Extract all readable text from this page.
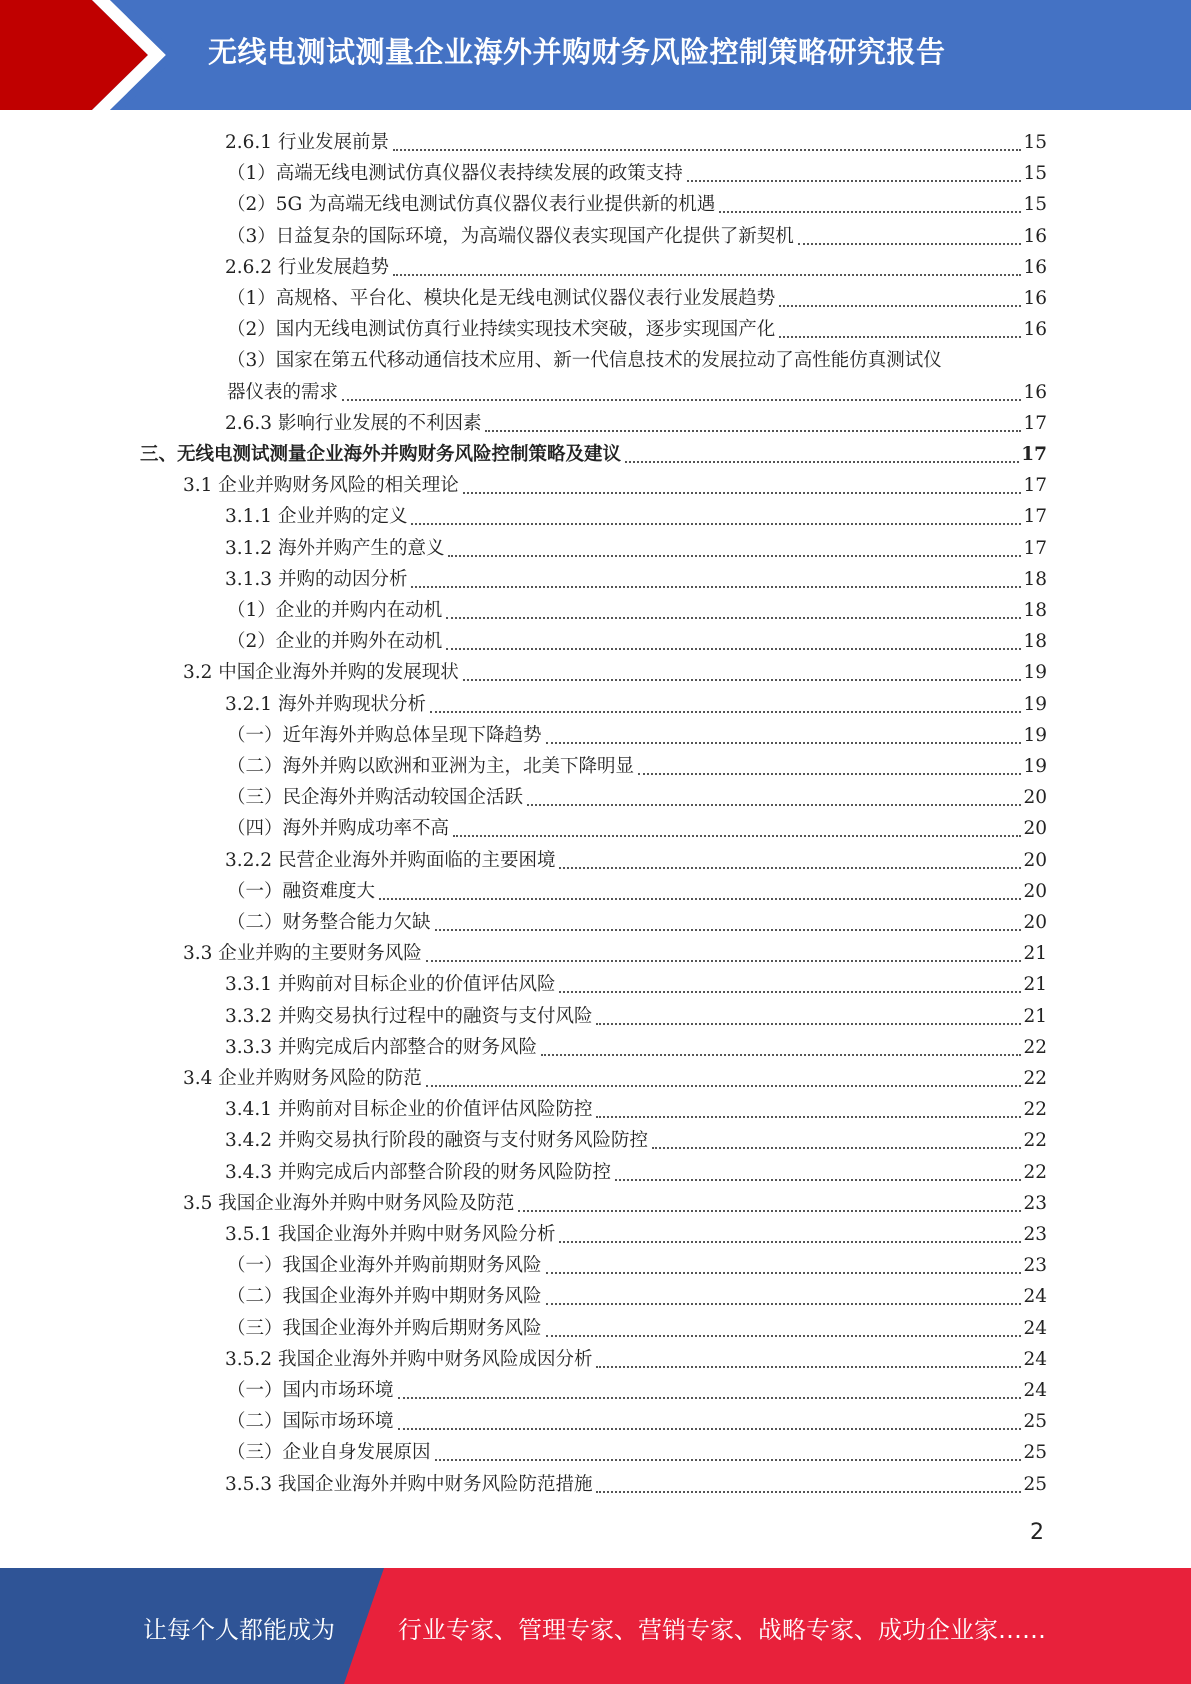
无线电测试测量企业海外并购财务风险控制策略研究报告
2.6.1 行业发展前景	15
（1）高端无线电测试仿真仪器仪表持续发展的政策支持	15
（2）5G 为高端无线电测试仿真仪器仪表行业提供新的机遇	15
（3）日益复杂的国际环境，为高端仪器仪表实现国产化提供了新契机	16
2.6.2 行业发展趋势	16
（1）高规格、平台化、模块化是无线电测试仪器仪表行业发展趋势	16
（2）国内无线电测试仿真行业持续实现技术突破，逐步实现国产化	16
（3）国家在第五代移动通信技术应用、新一代信息技术的发展拉动了高性能仿真测试仪
器仪表的需求	16
2.6.3 影响行业发展的不利因素	17
三、无线电测试测量企业海外并购财务风险控制策略及建议	17
3.1 企业并购财务风险的相关理论	17
3.1.1 企业并购的定义	17
3.1.2 海外并购产生的意义	17
3.1.3 并购的动因分析	18
（1）企业的并购内在动机	18
（2）企业的并购外在动机	18
3.2 中国企业海外并购的发展现状	19
3.2.1 海外并购现状分析	19
（一）近年海外并购总体呈现下降趋势	19
（二）海外并购以欧洲和亚洲为主，北美下降明显	19
（三）民企海外并购活动较国企活跃	20
（四）海外并购成功率不高	20
3.2.2 民营企业海外并购面临的主要困境	20
（一）融资难度大	20
（二）财务整合能力欠缺	20
3.3 企业并购的主要财务风险	21
3.3.1 并购前对目标企业的价值评估风险	21
3.3.2 并购交易执行过程中的融资与支付风险	21
3.3.3 并购完成后内部整合的财务风险	22
3.4 企业并购财务风险的防范	22
3.4.1 并购前对目标企业的价值评估风险防控	22
3.4.2 并购交易执行阶段的融资与支付财务风险防控	22
3.4.3 并购完成后内部整合阶段的财务风险防控	22
3.5 我国企业海外并购中财务风险及防范	23
3.5.1 我国企业海外并购中财务风险分析	23
（一）我国企业海外并购前期财务风险	23
（二）我国企业海外并购中期财务风险	24
（三）我国企业海外并购后期财务风险	24
3.5.2 我国企业海外并购中财务风险成因分析	24
（一）国内市场环境	24
（二）国际市场环境	25
（三）企业自身发展原因	25
3.5.3 我国企业海外并购中财务风险防范措施	25
2
让每个人都能成为	行业专家、管理专家、营销专家、战略专家、成功企业家……
